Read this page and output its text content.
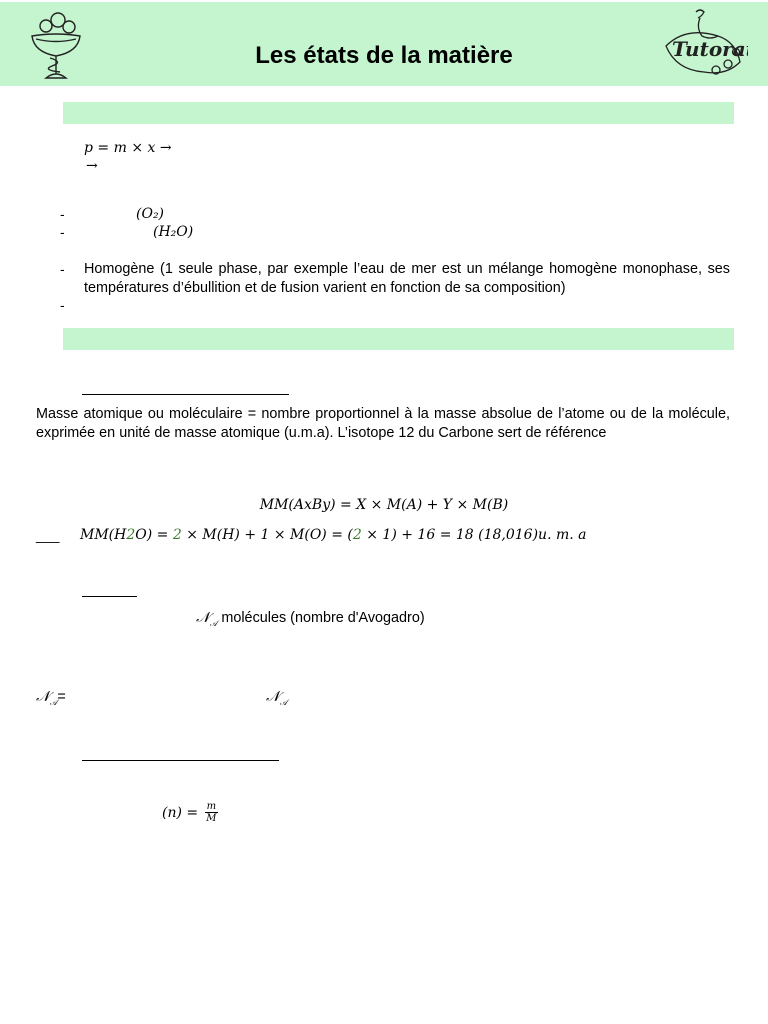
Les états de la matière	Tutorat
p = m × x →
→
-	(O₂)
-	(H₂O)
- Homogène (1 seule phase, par exemple l’eau de mer est un mélange homogène monophase, ses températures d’ébullition et de fusion varient en fonction de sa composition)
-
Masse atomique ou moléculaire = nombre proportionnel à la masse absolue de l’atome ou de la molécule, exprimée en unité de masse atomique (u.m.a). L’isotope 12 du Carbone sert de référence
MM(AxBy) = X × M(A) + Y × M(B)
___ MM(H2O) = 2 × M(H) + 1 × M(O) = (2 × 1) + 16 = 18 (18,016)u. m. a
𝒩$_𝒜$ molécules (nombre d'Avogadro)
𝒩$_𝒜$=	𝒩$_𝒜$
$(n) = \frac{m}{M}$
